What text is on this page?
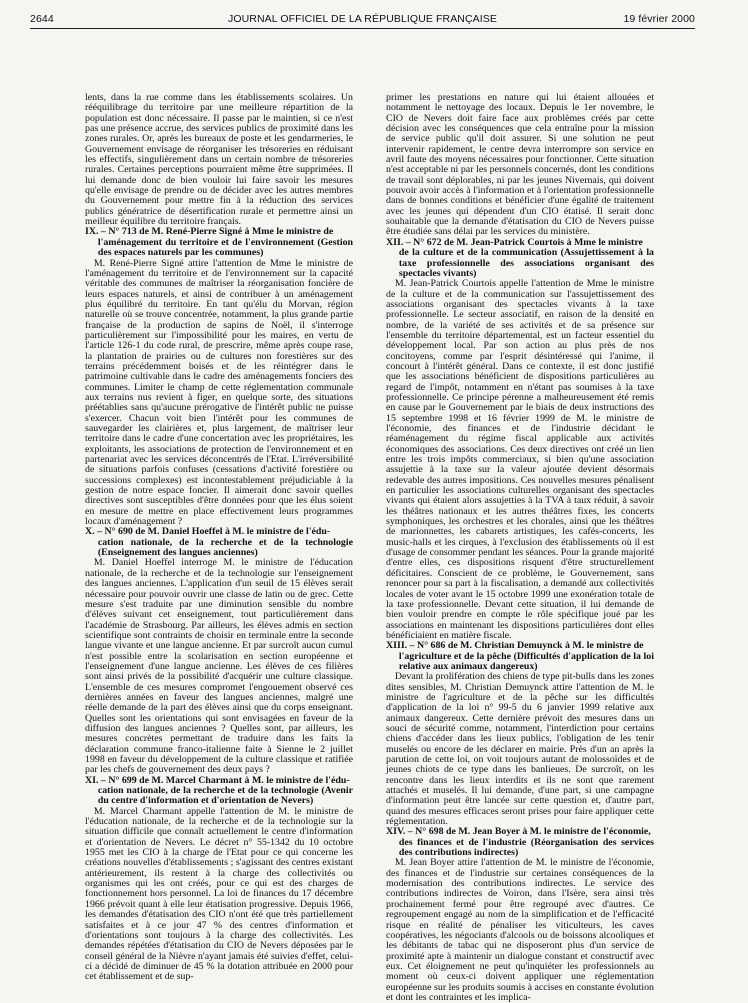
2644	JOURNAL OFFICIEL DE LA RÉPUBLIQUE FRANÇAISE	19 février 2000

lents, dans la rue comme dans les établissements scolaires. Un rééquilibrage du territoire par une meilleure répartition de la population est donc nécessaire. Il passe par le maintien, si ce n'est pas une présence accrue, des services publics de proximité dans les zones rurales. Or, après les bureaux de poste et les gendarmeries, le Gouvernement envisage de réorganiser les trésoreries en réduisant les effectifs, singulièrement dans un certain nombre de trésoreries rurales. Certaines perceptions pourraient même être supprimées. Il lui demande donc de bien vouloir lui faire savoir les mesures qu'elle envisage de prendre ou de décider avec les autres membres du Gouvernement pour mettre fin à la réduction des services publics génératrice de désertification rurale et permettre ainsi un meilleur équilibre du territoire français.

IX. – N° 713 de M. René-Pierre Signé à Mme le ministre de
l'aménagement du territoire et de l'environnement (Gestion des espaces naturels par les communes)

M. René-Pierre Signé attire l'attention de Mme le ministre de l'aménagement du territoire et de l'environnement sur la capacité véritable des communes de maîtriser la réorganisation foncière de leurs espaces naturels, et ainsi de contribuer à un aménagement plus équilibré du territoire. En tant qu'élu du Morvan, région naturelle où se trouve concentrée, notamment, la plus grande partie française de la production de sapins de Noël, il s'interroge particulièrement sur l'impossibilité pour les maires, en vertu de l'article 126-1 du code rural, de prescrire, même après coupe rase, la plantation de prairies ou de cultures non forestières sur des terrains précédemment boisés et de les réintégrer dans le patrimoine cultivable dans le cadre des aménagements fonciers des communes. Limiter le champ de cette réglementation communale aux terrains nus revient à figer, en quelque sorte, des situations préétablies sans qu'aucune prérogative de l'intérêt public ne puisse s'exercer. Chacun voit bien l'intérêt pour les communes de sauvegarder les clairières et, plus largement, de maîtriser leur territoire dans le cadre d'une concertation avec les propriétaires, les exploitants, les associations de protection de l'environnement et en partenariat avec les services déconcentrés de l'Etat. L'irréversibilité de situations parfois confuses (cessations d'activité forestière ou successions complexes) est incontestablement préjudiciable à la gestion de notre espace foncier. Il aimerait donc savoir quelles directives sont susceptibles d'être données pour que les élus soient en mesure de mettre en place effectivement leurs programmes locaux d'aménagement ?

X. – N° 690 de M. Daniel Hoeffel à M. le ministre de l'édu-
cation nationale, de la recherche et de la technologie (Enseignement des langues anciennes)

M. Daniel Hoeffel interroge M. le ministre de l'éducation nationale, de la recherche et de la technologie sur l'enseignement des langues anciennes. L'application d'un seuil de 15 élèves serait nécessaire pour pouvoir ouvrir une classe de latin ou de grec. Cette mesure s'est traduite par une diminution sensible du nombre d'élèves suivant cet enseignement, tout particulièrement dans l'académie de Strasbourg. Par ailleurs, les élèves admis en section scientifique sont contraints de choisir en terminale entre la seconde langue vivante et une langue ancienne. Et par surcroît aucun cumul n'est possible entre la scolarisation en section européenne et l'enseignement d'une langue ancienne. Les élèves de ces filières sont ainsi privés de la possibilité d'acquérir une culture classique. L'ensemble de ces mesures compromet l'engouement observé ces dernières années en faveur des langues anciennes, malgré une réelle demande de la part des élèves ainsi que du corps enseignant. Quelles sont les orientations qui sont envisagées en faveur de la diffusion des langues anciennes ? Quelles sont, par ailleurs, les mesures concrètes permettant de traduire dans les faits la déclaration commune franco-italienne faite à Sienne le 2 juillet 1998 en faveur du développement de la culture classique et ratifiée par les chefs de gouvernement des deux pays ?

XI. – N° 699 de M. Marcel Charmant à M. le ministre de l'édu-
cation nationale, de la recherche et de la technologie (Avenir du centre d'information et d'orientation de Nevers)

M. Marcel Charmant appelle l'attention de M. le ministre de l'éducation nationale, de la recherche et de la technologie sur la situation difficile que connaît actuellement le centre d'information et d'orientation de Nevers. Le décret n° 55-1342 du 10 octobre 1955 met les CIO à la charge de l'Etat pour ce qui concerne les créations nouvelles d'établissements ; s'agissant des centres existant antérieurement, ils restent à la charge des collectivités ou organismes qui les ont créés, pour ce qui est des charges de fonctionnement hors personnel. La loi de finances du 17 décembre 1966 prévoit quant à elle leur étatisation progressive. Depuis 1966, les demandes d'étatisation des CIO n'ont été que très partiellement satisfaites et à ce jour 47 % des centres d'information et d'orientations sont toujours à la charge des collectivités. Les demandes répétées d'étatisation du CIO de Nevers déposées par le conseil général de la Nièvre n'ayant jamais été suivies d'effet, celui-ci a décidé de diminuer de 45 % la dotation attribuée en 2000 pour cet établissement et de sup-

primer les prestations en nature qui lui étaient allouées et notamment le nettoyage des locaux. Depuis le 1er novembre, le CIO de Nevers doit faire face aux problèmes créés par cette décision avec les conséquences que cela entraîne pour la mission de service public qu'il doit assurer. Si une solution ne peut intervenir rapidement, le centre devra interrompre son service en avril faute des moyens nécessaires pour fonctionner. Cette situation n'est acceptable ni par les personnels concernés, dont les conditions de travail sont déplorables, ni par les jeunes Nivernais, qui doivent pouvoir avoir accès à l'information et à l'orientation professionnelle dans de bonnes conditions et bénéficier d'une égalité de traitement avec les jeunes qui dépendent d'un CIO étatisé. Il serait donc souhaitable que la demande d'étatisation du CIO de Nevers puisse être étudiée sans délai par les services du ministère.

XII. – N° 672 de M. Jean-Patrick Courtois à Mme le ministre
de la culture et de la communication (Assujettissement à la taxe professionnelle des associations organisant des spectacles vivants)

M. Jean-Patrick Courtois appelle l'attention de Mme le ministre de la culture et de la communication sur l'assujettissement des associations organisant des spectacles vivants à la taxe professionnelle. Le secteur associatif, en raison de la densité en nombre, de la variété de ses activités et de sa présence sur l'ensemble du territoire départemental, est un facteur essentiel du développement local. Par son action au plus près de nos concitoyens, comme par l'esprit désintéressé qui l'anime, il concourt à l'intérêt général. Dans ce contexte, il est donc justifié que les associations bénéficient de dispositions particulières au regard de l'impôt, notamment en n'étant pas soumises à la taxe professionnelle. Ce principe pérenne a malheureusement été remis en cause par le Gouvernement par le biais de deux instructions des 15 septembre 1998 et 16 février 1999 de M. le ministre de l'économie, des finances et de l'industrie décidant le réaménagement du régime fiscal applicable aux activités économiques des associations. Ces deux directives ont créé un lien entre les trois impôts commerciaux, si bien qu'une association assujettie à la taxe sur la valeur ajoutée devient désormais redevable des autres impositions. Ces nouvelles mesures pénalisent en particulier les associations culturelles organisant des spectacles vivants qui étaient alors assujetties à la TVA à taux réduit, à savoir les théâtres nationaux et les autres théâtres fixes, les concerts symphoniques, les orchestres et les chorales, ainsi que les théâtres de marionnettes, les cabarets artistiques, les cafés-concerts, les music-halls et les cirques, à l'exclusion des établissements où il est d'usage de consommer pendant les séances. Pour la grande majorité d'entre elles, ces dispositions risquent d'être structurellement déficitaires. Conscient de ce problème, le Gouvernement, sans renoncer pour sa part à la fiscalisation, a demandé aux collectivités locales de voter avant le 15 octobre 1999 une exonération totale de la taxe professionnelle. Devant cette situation, il lui demande de bien vouloir prendre en compte le rôle spécifique joué par les associations en maintenant les dispositions particulières dont elles bénéficiaient en matière fiscale.

XIII. – N° 686 de M. Christian Demuynck à M. le ministre de
l'agriculture et de la pêche (Difficultés d'application de la loi relative aux animaux dangereux)

Devant la prolifération des chiens de type pit-bulls dans les zones dites sensibles, M. Christian Demuynck attire l'attention de M. le ministre de l'agriculture et de la pêche sur les difficultés d'application de la loi n° 99-5 du 6 janvier 1999 relative aux animaux dangereux. Cette dernière prévoit des mesures dans un souci de sécurité comme, notamment, l'interdiction pour certains chiens d'accéder dans les lieux publics, l'obligation de les tenir muselés ou encore de les déclarer en mairie. Près d'un an après la parution de cette loi, on voit toujours autant de molossoïdes et de jeunes chiots de ce type dans les banlieues. De surcroît, on les rencontre dans les lieux interdits et ils ne sont que rarement attachés et muselés. Il lui demande, d'une part, si une campagne d'information peut être lancée sur cette question et, d'autre part, quand des mesures efficaces seront prises pour faire appliquer cette réglementation.

XIV. – N° 698 de M. Jean Boyer à M. le ministre de l'économie,
des finances et de l'industrie (Réorganisation des services des contributions indirectes)

M. Jean Boyer attire l'attention de M. le ministre de l'économie, des finances et de l'industrie sur certaines conséquences de la modernisation des contributions indirectes. Le service des contributions indirectes de Voiron, dans l'Isère, sera ainsi très prochainement fermé pour être regroupé avec d'autres. Ce regroupement engagé au nom de la simplification et de l'efficacité risque en réalité de pénaliser les viticulteurs, les caves coopératives, les négociants d'alcools ou de boissons alcooliques et les débitants de tabac qui ne disposeront plus d'un service de proximité apte à maintenir un dialogue constant et constructif avec eux. Cet éloignement ne peut qu'inquiéter les professionnels au moment où ceux-ci doivent appliquer une réglementation européenne sur les produits soumis à accises en constante évolution et dont les contraintes et les implica-
